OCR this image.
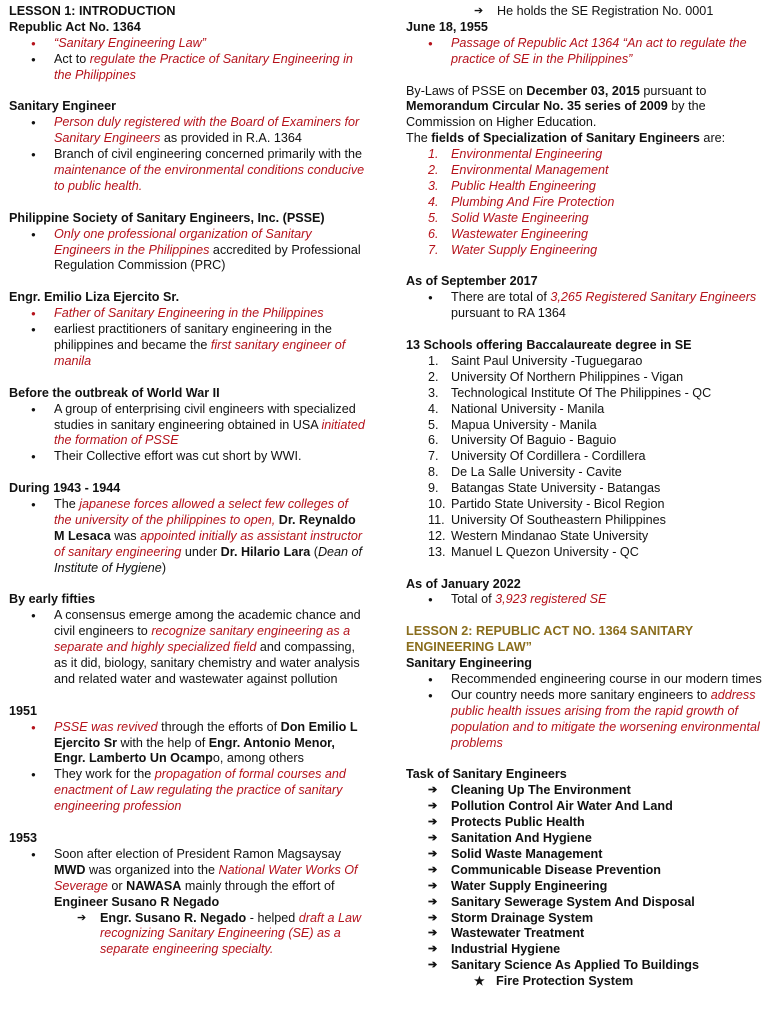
LESSON 1: INTRODUCTION

Republic Act No. 1364

● “Sanitary Engineering Law”
● Act to regulate the Practice of Sanitary Engineering in the Philippines

Sanitary Engineer

● Person duly registered with the Board of Examiners for Sanitary Engineers as provided in R.A. 1364
● Branch of civil engineering concerned primarily with the maintenance of the environmental conditions conducive to public health.

Philippine Society of Sanitary Engineers, Inc. (PSSE)

● Only one professional organization of Sanitary Engineers in the Philippines accredited by Professional Regulation Commission (PRC)

Engr. Emilio Liza Ejercito Sr.

● Father of Sanitary Engineering in the Philippines
● earliest practitioners of sanitary engineering in the philippines and became the first sanitary engineer of manila

Before the outbreak of World War II

● A group of enterprising civil engineers with specialized studies in sanitary engineering obtained in USA initiated the formation of PSSE
● Their Collective effort was cut short by WWI.

During 1943 - 1944

● The japanese forces allowed a select few colleges of the university of the philippines to open, Dr. Reynaldo M Lesaca was appointed initially as assistant instructor of sanitary engineering under Dr. Hilario Lara (Dean of Institute of Hygiene)

By early fifties

● A consensus emerge among the academic chance and civil engineers to recognize sanitary engineering as a separate and highly specialized field and compassing, as it did, biology, sanitary chemistry and water analysis and related water and wastewater against pollution

1951

● PSSE was revived through the efforts of Don Emilio L Ejercito Sr with the help of Engr. Antonio Menor, Engr. Lamberto Un Ocampo, among others
● They work for the propagation of formal courses and enactment of Law regulating the practice of sanitary engineering profession

1953

● Soon after election of President Ramon Magsaysay MWD was organized into the National Water Works Of Severage or NAWASA mainly through the effort of Engineer Susano R Negado
➔ Engr. Susano R. Negado - helped draft a Law recognizing Sanitary Engineering (SE) as a separate engineering specialty.
➔ He holds the SE Registration No. 0001

June 18, 1955

● Passage of Republic Act 1364 “An act to regulate the practice of SE in the Philippines”

By-Laws of PSSE on December 03, 2015 pursuant to Memorandum Circular No. 35 series of 2009 by the Commission on Higher Education.

The fields of Specialization of Sanitary Engineers are:

1. Environmental Engineering
2. Environmental Management
3. Public Health Engineering
4. Plumbing And Fire Protection
5. Solid Waste Engineering
6. Wastewater Engineering
7. Water Supply Engineering

As of September 2017

● There are total of 3,265 Registered Sanitary Engineers pursuant to RA 1364

13 Schools offering Baccalaureate degree in SE

1. Saint Paul University -Tuguegarao
2. University Of Northern Philippines - Vigan
3. Technological Institute Of The Philippines - QC
4. National University - Manila
5. Mapua University - Manila
6. University Of Baguio - Baguio
7. University Of Cordillera - Cordillera
8. De La Salle University - Cavite
9. Batangas State University - Batangas
10. Partido State University - Bicol Region
11. University Of Southeastern Philippines
12. Western Mindanao State University
13. Manuel L Quezon University - QC

As of January 2022

● Total of 3,923 registered SE

LESSON 2: REPUBLIC ACT NO. 1364 SANITARY ENGINEERING LAW”

Sanitary Engineering

● Recommended engineering course in our modern times
● Our country needs more sanitary engineers to address public health issues arising from the rapid growth of population and to mitigate the worsening environmental problems

Task of Sanitary Engineers

➔ Cleaning Up The Environment
➔ Pollution Control Air Water And Land
➔ Protects Public Health
➔ Sanitation And Hygiene
➔ Solid Waste Management
➔ Communicable Disease Prevention
➔ Water Supply Engineering
➔ Sanitary Sewerage System And Disposal
➔ Storm Drainage System
➔ Wastewater Treatment
➔ Industrial Hygiene
➔ Sanitary Science As Applied To Buildings
★ Fire Protection System
